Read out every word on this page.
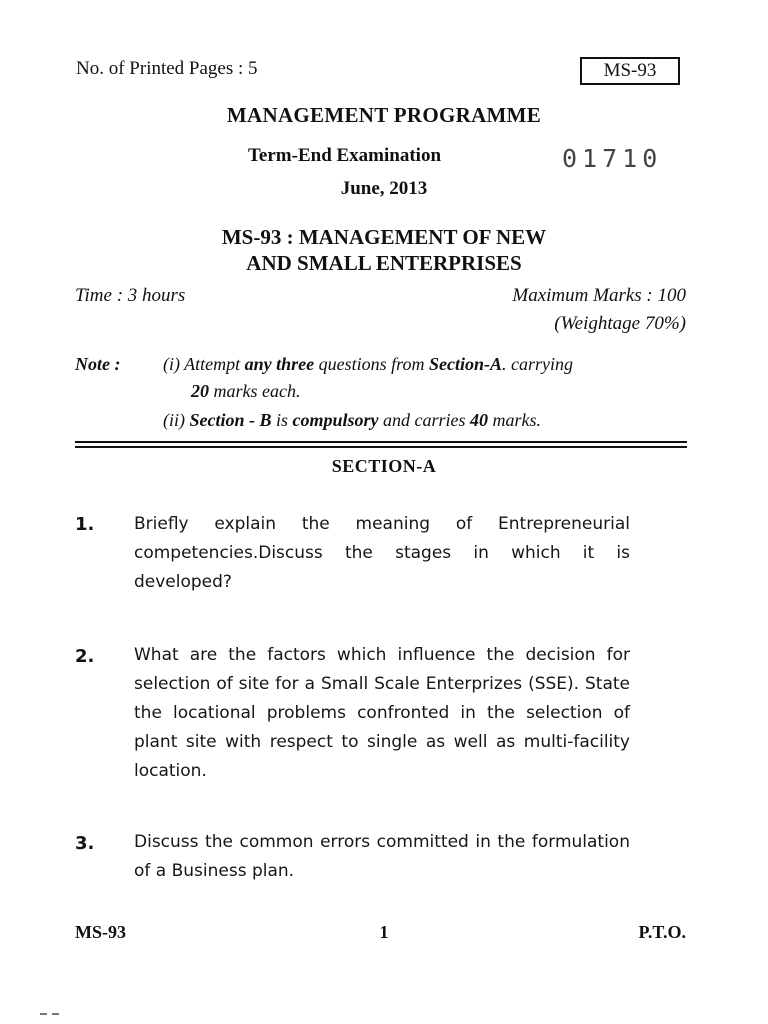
No. of Printed Pages : 5	MS-93
MANAGEMENT PROGRAMME
Term-End Examination	01710
June, 2013
MS-93 : MANAGEMENT OF NEW
AND SMALL ENTERPRISES
Time : 3 hours	Maximum Marks : 100
(Weightage 70%)
Note : (i) Attempt any three questions from Section-A. carrying
20 marks each.
(ii) Section - B is compulsory and carries 40 marks.
SECTION-A
1. Briefly explain the meaning of Entrepreneurial competencies.Discuss the stages in which it is developed?
2. What are the factors which influence the decision for selection of site for a Small Scale Enterprizes (SSE). State the locational problems confronted in the selection of plant site with respect to single as well as multi-facility location.
3. Discuss the common errors committed in the formulation of a Business plan.
MS-93	1	P.T.O.
